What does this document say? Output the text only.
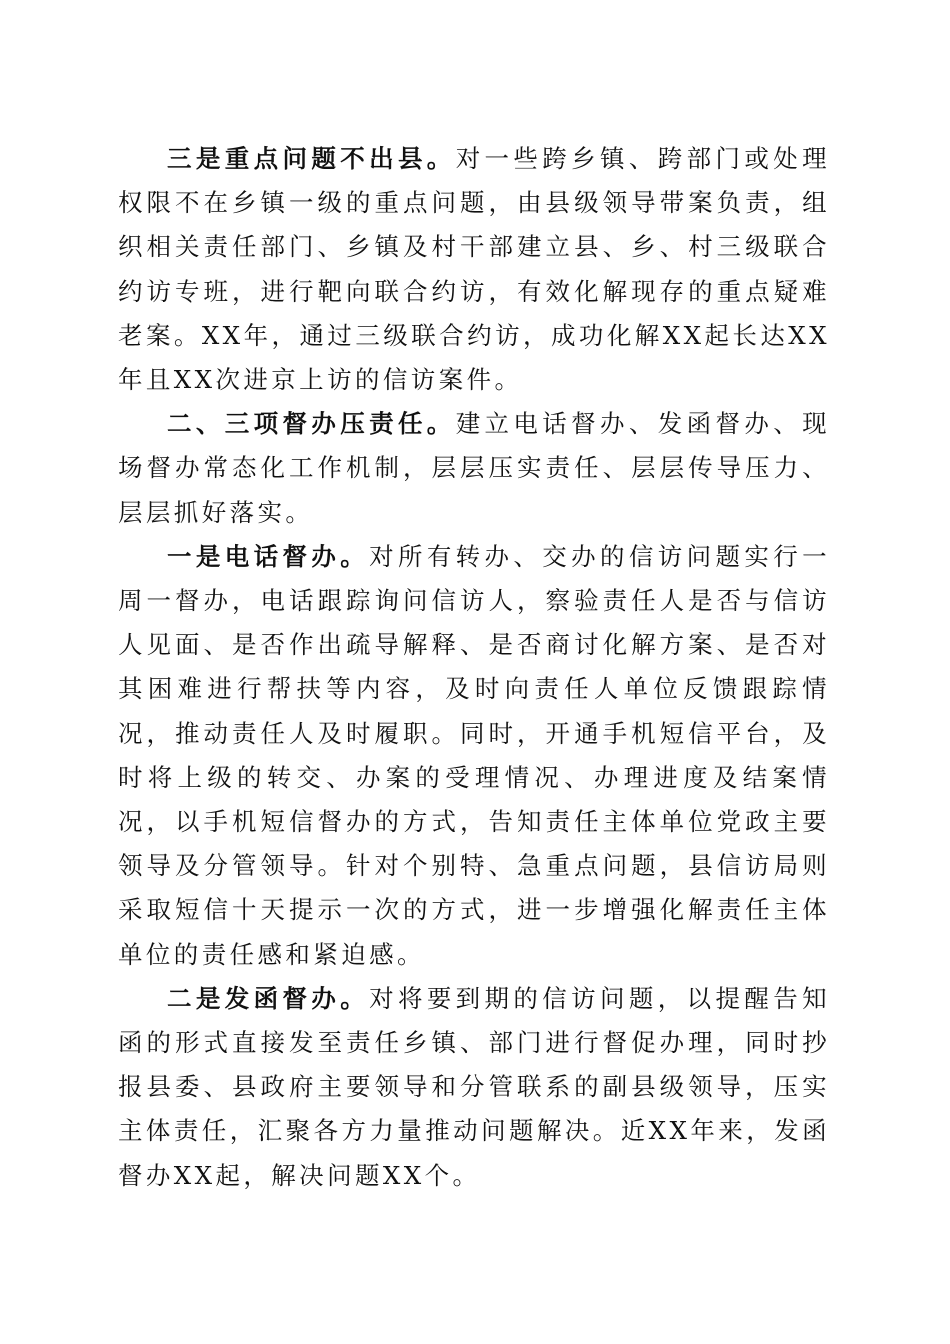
三是重点问题不出县。对一些跨乡镇、跨部门或处理权限不在乡镇一级的重点问题，由县级领导带案负责，组织相关责任部门、乡镇及村干部建立县、乡、村三级联合约访专班，进行靶向联合约访，有效化解现存的重点疑难老案。XX年，通过三级联合约访，成功化解XX起长达XX年且XX次进京上访的信访案件。

二、三项督办压责任。建立电话督办、发函督办、现场督办常态化工作机制，层层压实责任、层层传导压力、层层抓好落实。

一是电话督办。对所有转办、交办的信访问题实行一周一督办，电话跟踪询问信访人，察验责任人是否与信访人见面、是否作出疏导解释、是否商讨化解方案、是否对其困难进行帮扶等内容，及时向责任人单位反馈跟踪情况，推动责任人及时履职。同时，开通手机短信平台，及时将上级的转交、办案的受理情况、办理进度及结案情况，以手机短信督办的方式，告知责任主体单位党政主要领导及分管领导。针对个别特、急重点问题，县信访局则采取短信十天提示一次的方式，进一步增强化解责任主体单位的责任感和紧迫感。

二是发函督办。对将要到期的信访问题，以提醒告知函的形式直接发至责任乡镇、部门进行督促办理，同时抄报县委、县政府主要领导和分管联系的副县级领导，压实主体责任，汇聚各方力量推动问题解决。近XX年来，发函督办XX起，解决问题XX个。
